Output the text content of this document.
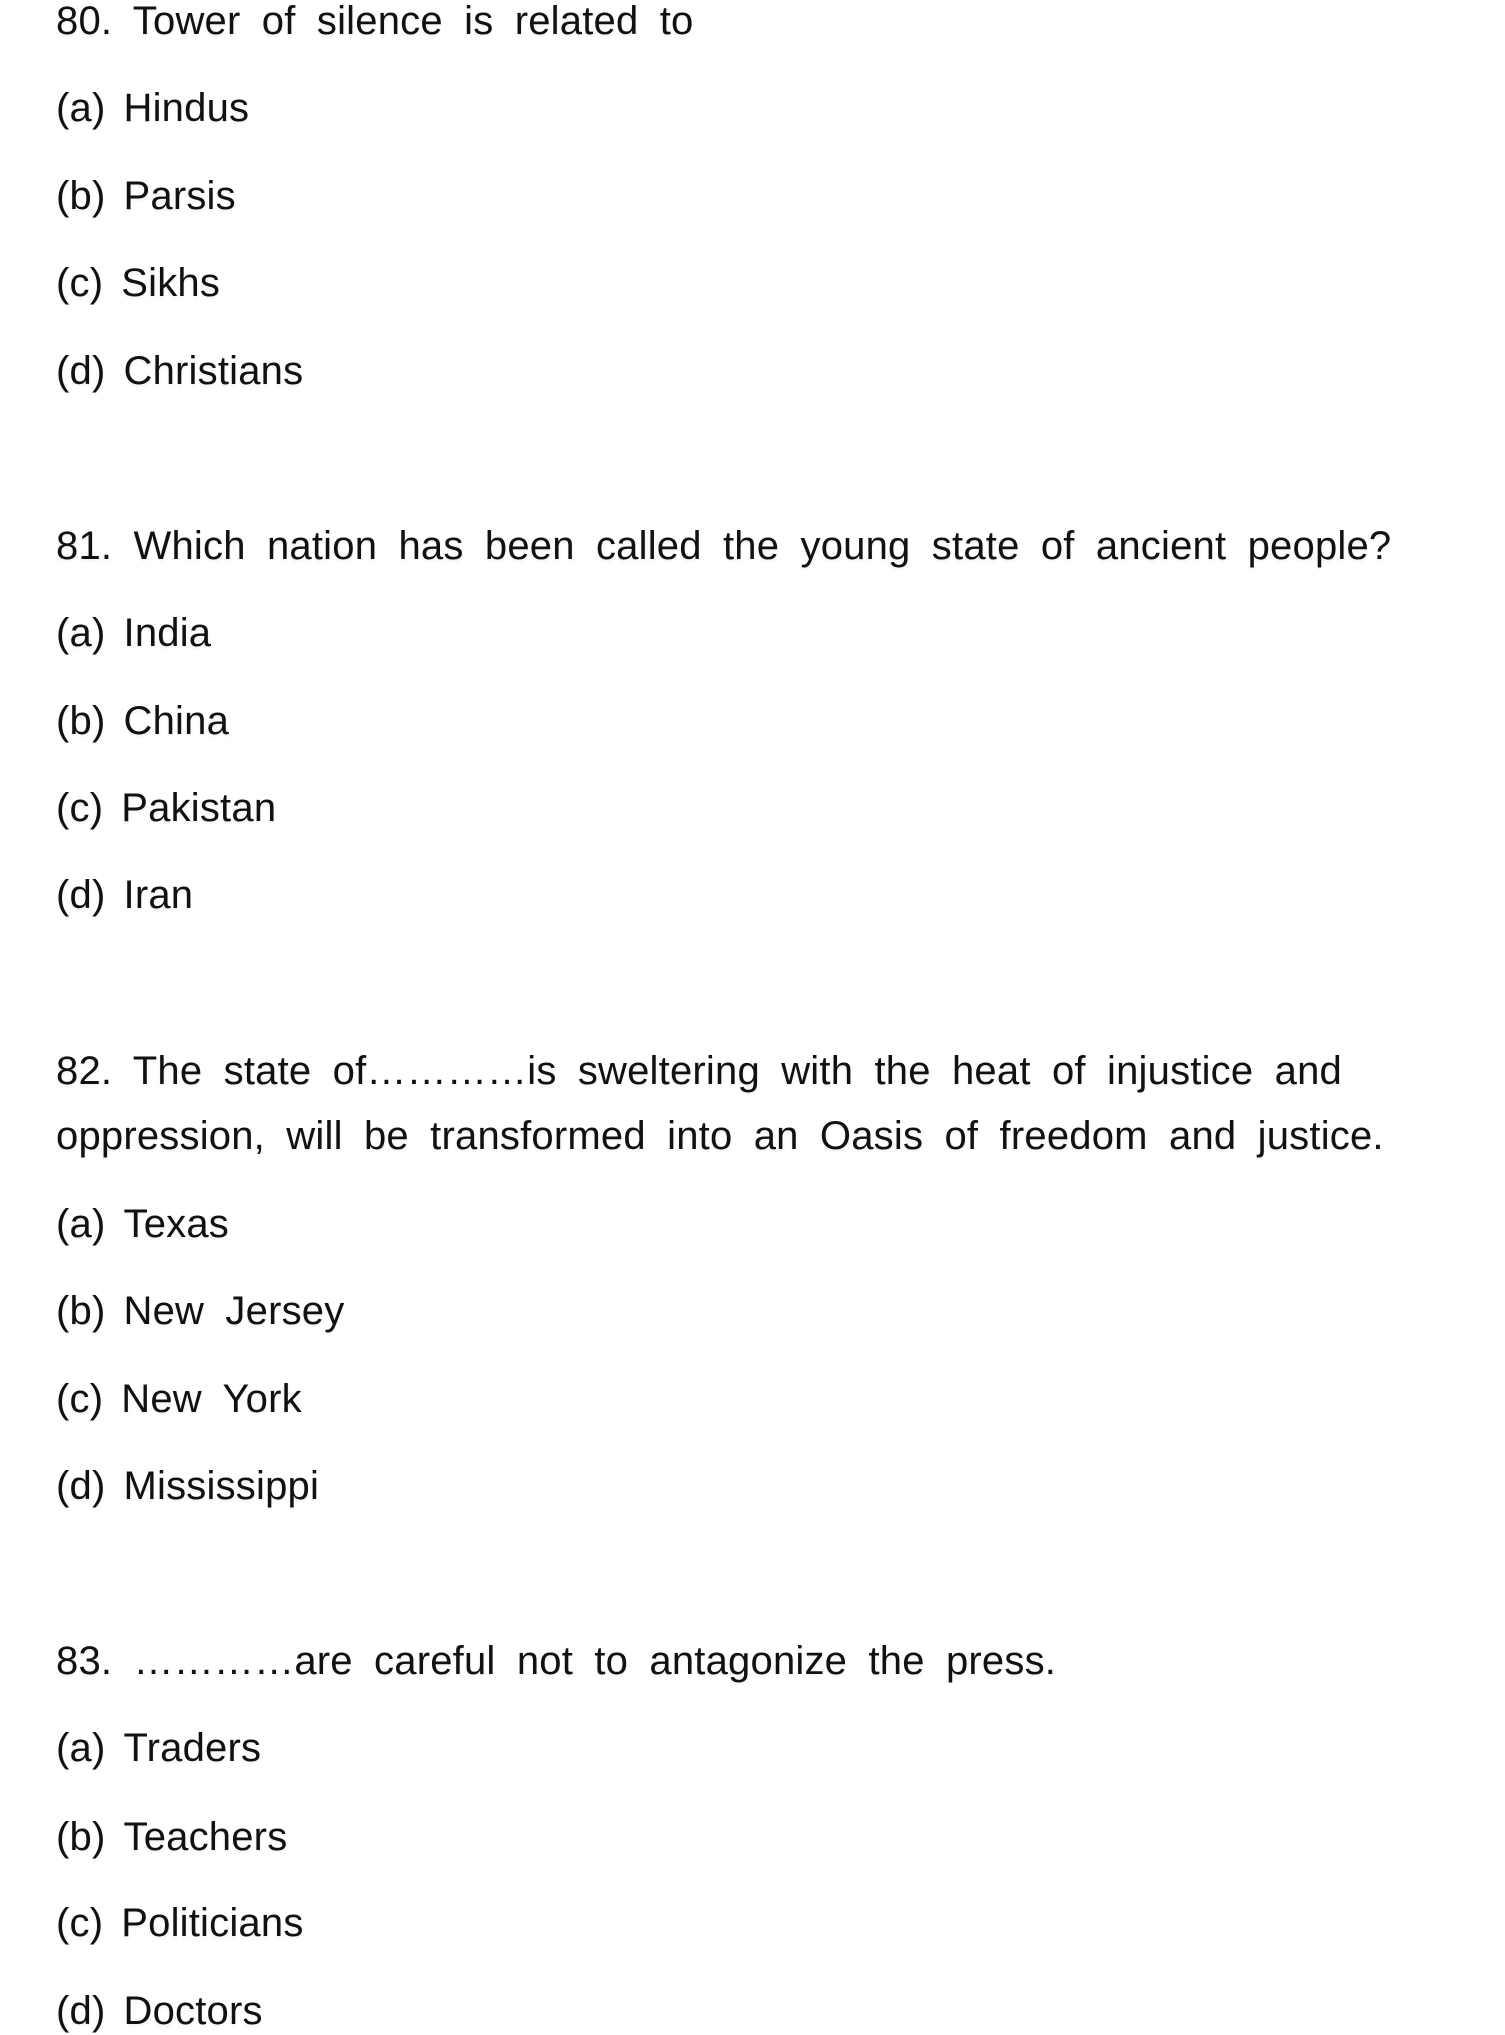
80. Tower of silence is related to
(a) Hindus
(b) Parsis
(c) Sikhs
(d) Christians
81. Which nation has been called the young state of ancient people?
(a) India
(b) China
(c) Pakistan
(d) Iran
82. The state of…………is sweltering with the heat of injustice and
oppression, will be transformed into an Oasis of freedom and justice.
(a) Texas
(b) New Jersey
(c) New York
(d) Mississippi
83. …………are careful not to antagonize the press.
(a) Traders
(b) Teachers
(c) Politicians
(d) Doctors
